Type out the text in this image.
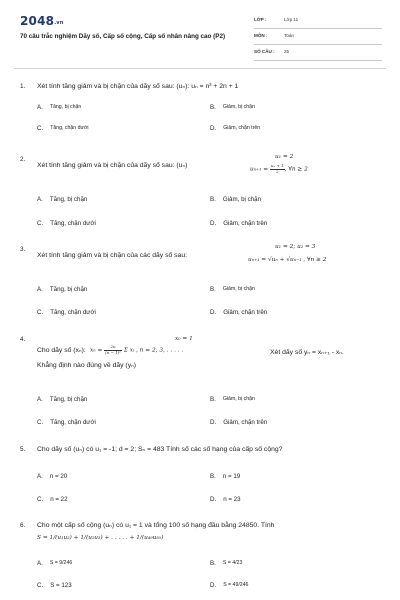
2048.vn
70 câu trắc nghiệm Dãy số, Cấp số cộng, Cấp số nhân nâng cao (P2)
LỚP :	Lớp 11
MÔN :	Toán
SỐ CÂU : 25
1. Xét tính tăng giảm và bị chặn của dãy số sau: (uₙ): uₙ = n³ + 2n + 1
A. Tăng, bị chặn	B. Giảm, bị chặn
C. Tăng, chặn dưới	D. Giảm, chặn trên
2.
Xét tính tăng giảm và bị chặn của dãy số sau: (uₙ)
u₁ = 2
$u_{n+1} = \frac{\text{uₙ + 1}}{2}$ , ∀n ≥ 2
A. Tăng, bị chặn	B. Giảm, bị chặn
C. Tăng, chặn dưới	D. Giảm, chặn trên
3.
Xét tính tăng giảm và bị chặn của các dãy số sau:
u₁ = 2; u₂ = 3
uₙ₊₁ = √uₙ + √uₙ₋₁ , ∀n ≥ 2
A. Tăng, bị chặn	B. Giảm, bị chặn
C. Tăng, chặn dưới	D. Giảm, chặn trên
4.
Cho dãy số (xₙ):
x₀ = 1
$x_n = \frac{2n}{\text{(n − 1)²}}$ Σ xᵢ , n = 2, 3, . . . . .	Xét dãy số yₙ = xₙ₊₁ - xₙ.
Khẳng định nào đúng về dãy (yₙ)
A. Tăng, bị chặn	B. Giảm, bị chặn
C. Tăng, chặn dưới	D. Giảm, chặn trên
5. Cho dãy số (uₙ) có u₁ = -1; d = 2; Sₙ = 483 Tính số các số hạng của cấp số cộng?
A. n = 20	B. n = 19
C. n = 22	D. n = 23
6. Cho một cấp số cộng (uₙ) có u₁ = 1 và tổng 100 số hạng đầu bằng 24850. Tính
S = 1/(u₁u₂) + 1/(u₂u₃) + . . . . . + 1/(u₄₉u₅₀)
A. S = 9/246	B. S = 4/23
C. S = 123	D. S = 49/246
